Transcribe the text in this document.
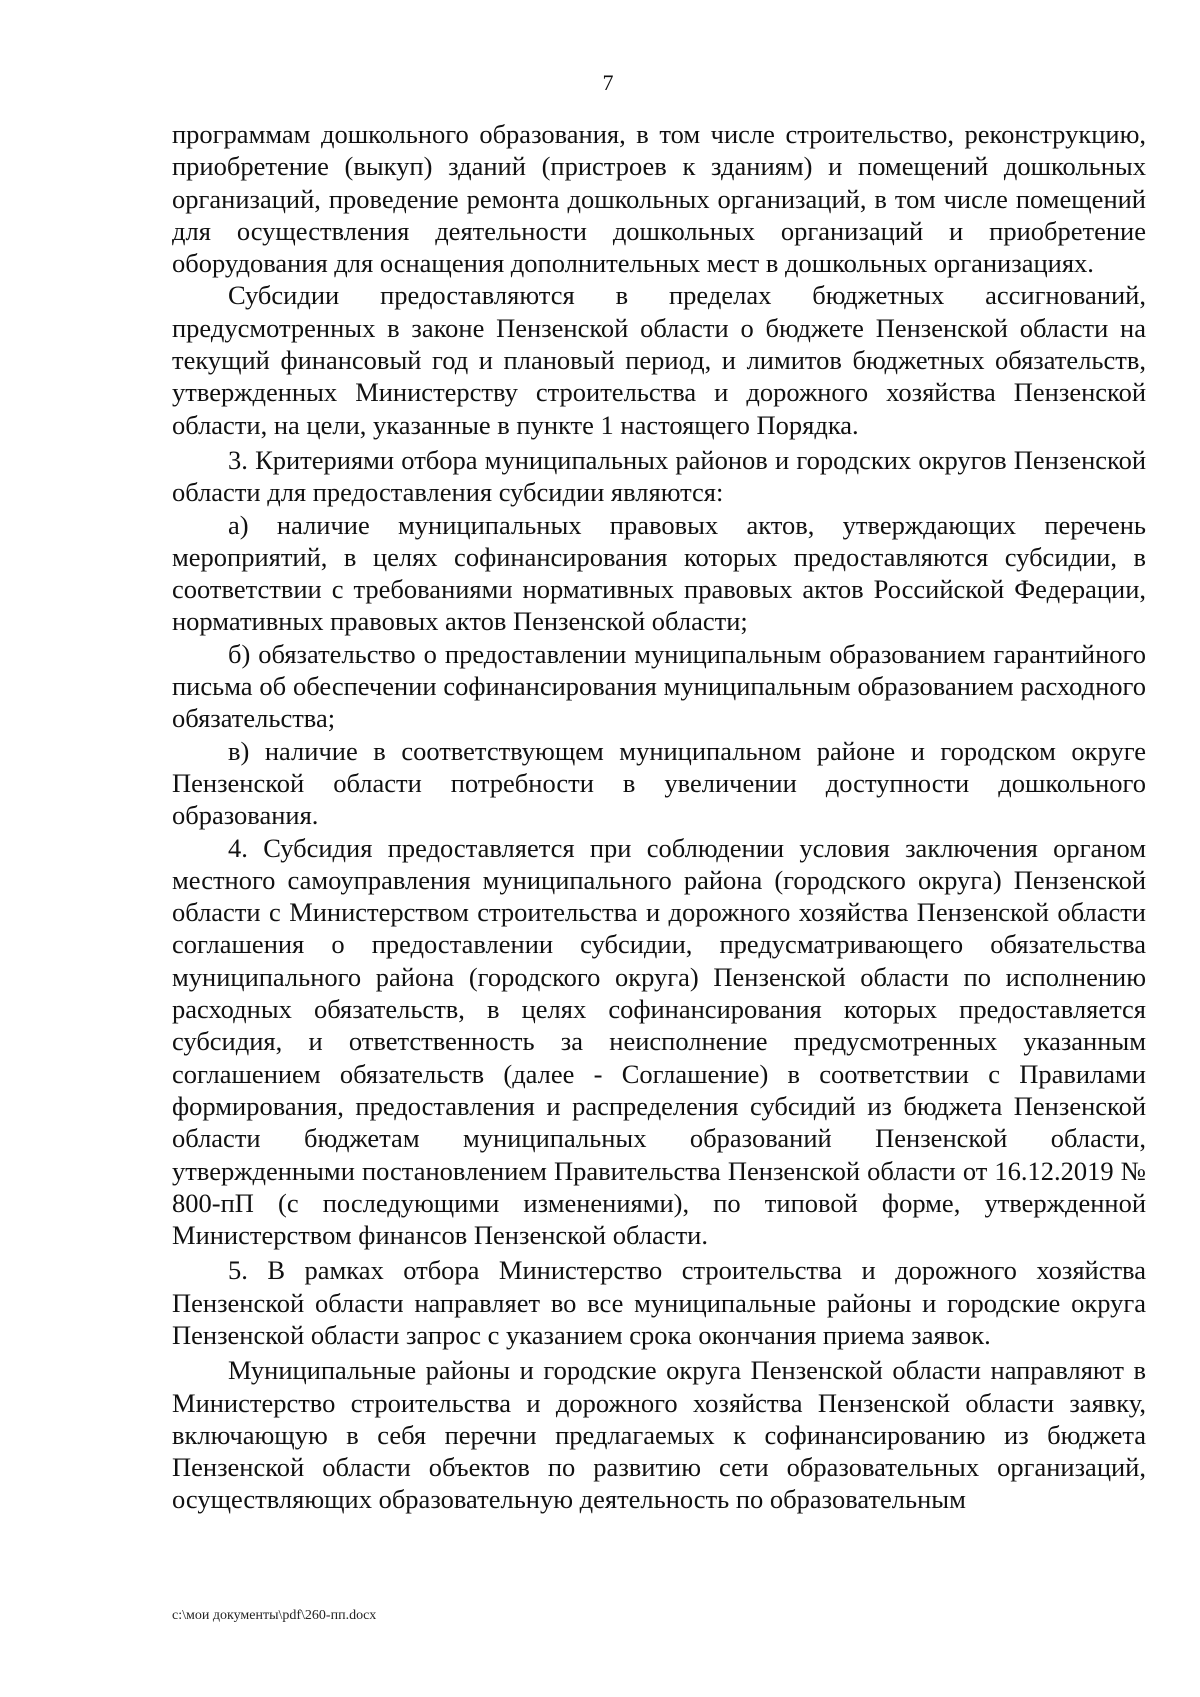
7

программам дошкольного образования, в том числе строительство, реконструкцию, приобретение (выкуп) зданий (пристроев к зданиям) и помещений дошкольных организаций, проведение ремонта дошкольных организаций, в том числе помещений для осуществления деятельности дошкольных организаций и приобретение оборудования для оснащения дополнительных мест в дошкольных организациях.

Субсидии предоставляются в пределах бюджетных ассигнований, предусмотренных в законе Пензенской области о бюджете Пензенской области на текущий финансовый год и плановый период, и лимитов бюджетных обязательств, утвержденных Министерству строительства и дорожного хозяйства Пензенской области, на цели, указанные в пункте 1 настоящего Порядка.

3. Критериями отбора муниципальных районов и городских округов Пензенской области для предоставления субсидии являются:

а) наличие муниципальных правовых актов, утверждающих перечень мероприятий, в целях софинансирования которых предоставляются субсидии, в соответствии с требованиями нормативных правовых актов Российской Федерации, нормативных правовых актов Пензенской области;

б) обязательство о предоставлении муниципальным образованием гарантийного письма об обеспечении софинансирования муниципальным образованием расходного обязательства;

в) наличие в соответствующем муниципальном районе и городском округе Пензенской области потребности в увеличении доступности дошкольного образования.

4. Субсидия предоставляется при соблюдении условия заключения органом местного самоуправления муниципального района (городского округа) Пензенской области с Министерством строительства и дорожного хозяйства Пензенской области соглашения о предоставлении субсидии, предусматривающего обязательства муниципального района (городского округа) Пензенской области по исполнению расходных обязательств, в целях софинансирования которых предоставляется субсидия, и ответственность за неисполнение предусмотренных указанным соглашением обязательств (далее - Соглашение) в соответствии с Правилами формирования, предоставления и распределения субсидий из бюджета Пензенской области бюджетам муниципальных образований Пензенской области, утвержденными постановлением Правительства Пензенской области от 16.12.2019 № 800-пП (с последующими изменениями), по типовой форме, утвержденной Министерством финансов Пензенской области.

5. В рамках отбора Министерство строительства и дорожного хозяйства Пензенской области направляет во все муниципальные районы и городские округа Пензенской области запрос с указанием срока окончания приема заявок.

Муниципальные районы и городские округа Пензенской области направляют в Министерство строительства и дорожного хозяйства Пензенской области заявку, включающую в себя перечни предлагаемых к софинансированию из бюджета Пензенской области объектов по развитию сети образовательных организаций, осуществляющих образовательную деятельность по образовательным

c:\мои документы\pdf\260-пп.docx
